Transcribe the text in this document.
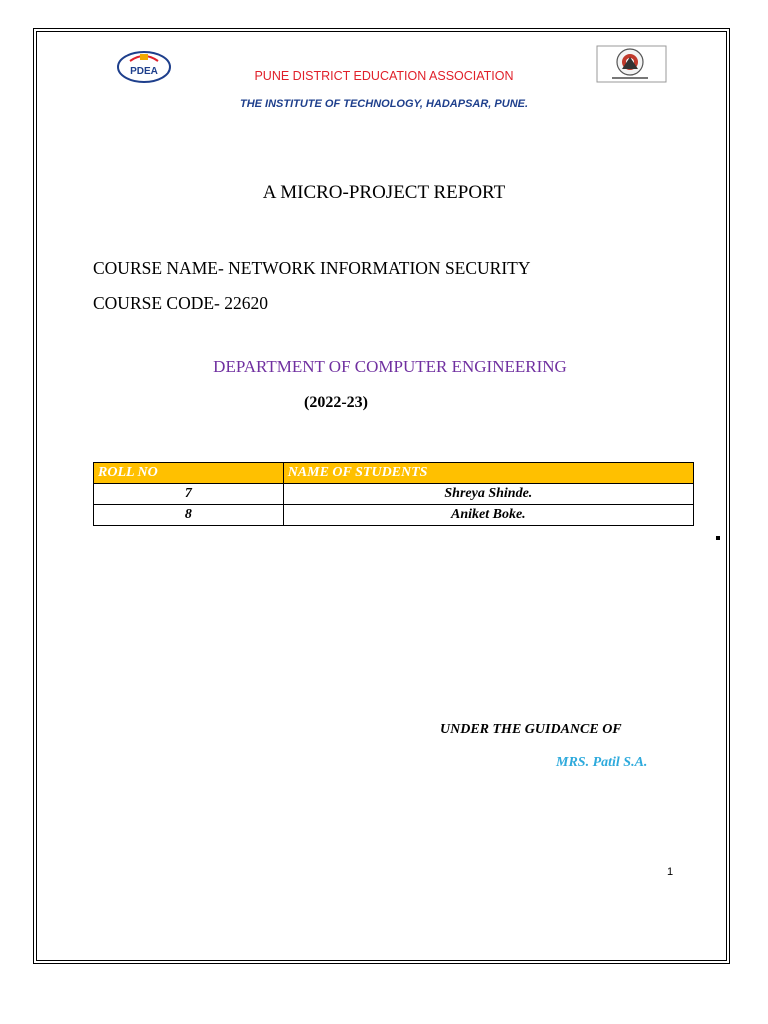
PDEA	PUNE DISTRICT EDUCATION ASSOCIATION
THE INSTITUTE OF TECHNOLOGY, HADAPSAR, PUNE.
A MICRO-PROJECT REPORT
COURSE NAME- NETWORK INFORMATION SECURITY
COURSE CODE- 22620
DEPARTMENT OF COMPUTER ENGINEERING
(2022-23)
ROLL NO	NAME OF STUDENTS
7	Shreya Shinde.
8	Aniket Boke.
UNDER THE GUIDANCE OF
MRS. Patil S.A.
1
